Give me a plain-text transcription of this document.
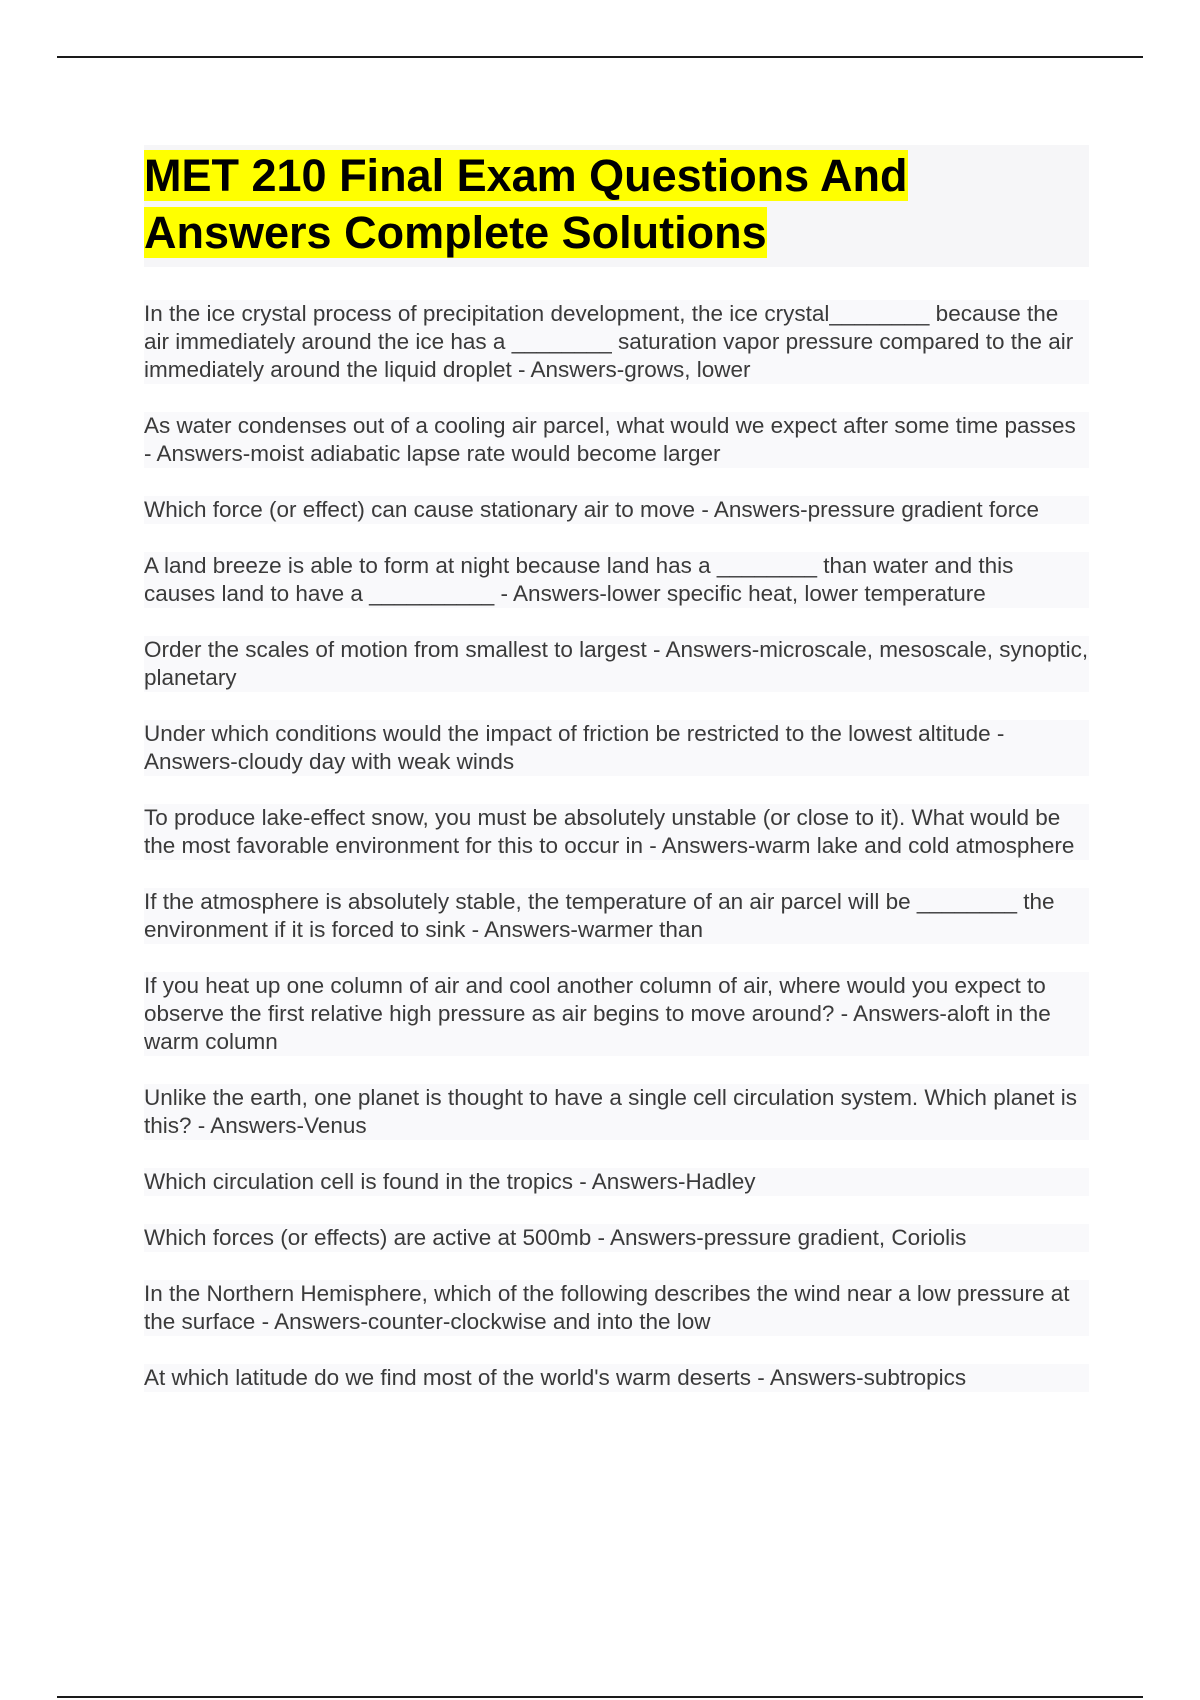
MET 210 Final Exam Questions And
Answers Complete Solutions

In the ice crystal process of precipitation development, the ice crystal________ because the air immediately around the ice has a ________ saturation vapor pressure compared to the air immediately around the liquid droplet - Answers-grows, lower

As water condenses out of a cooling air parcel, what would we expect after some time passes - Answers-moist adiabatic lapse rate would become larger

Which force (or effect) can cause stationary air to move - Answers-pressure gradient force

A land breeze is able to form at night because land has a ________ than water and this causes land to have a __________ - Answers-lower specific heat, lower temperature

Order the scales of motion from smallest to largest - Answers-microscale, mesoscale, synoptic, planetary

Under which conditions would the impact of friction be restricted to the lowest altitude - Answers-cloudy day with weak winds

To produce lake-effect snow, you must be absolutely unstable (or close to it). What would be the most favorable environment for this to occur in - Answers-warm lake and cold atmosphere

If the atmosphere is absolutely stable, the temperature of an air parcel will be ________ the environment if it is forced to sink - Answers-warmer than

If you heat up one column of air and cool another column of air, where would you expect to observe the first relative high pressure as air begins to move around? - Answers-aloft in the warm column

Unlike the earth, one planet is thought to have a single cell circulation system. Which planet is this? - Answers-Venus

Which circulation cell is found in the tropics - Answers-Hadley

Which forces (or effects) are active at 500mb - Answers-pressure gradient, Coriolis

In the Northern Hemisphere, which of the following describes the wind near a low pressure at the surface - Answers-counter-clockwise and into the low

At which latitude do we find most of the world's warm deserts - Answers-subtropics
